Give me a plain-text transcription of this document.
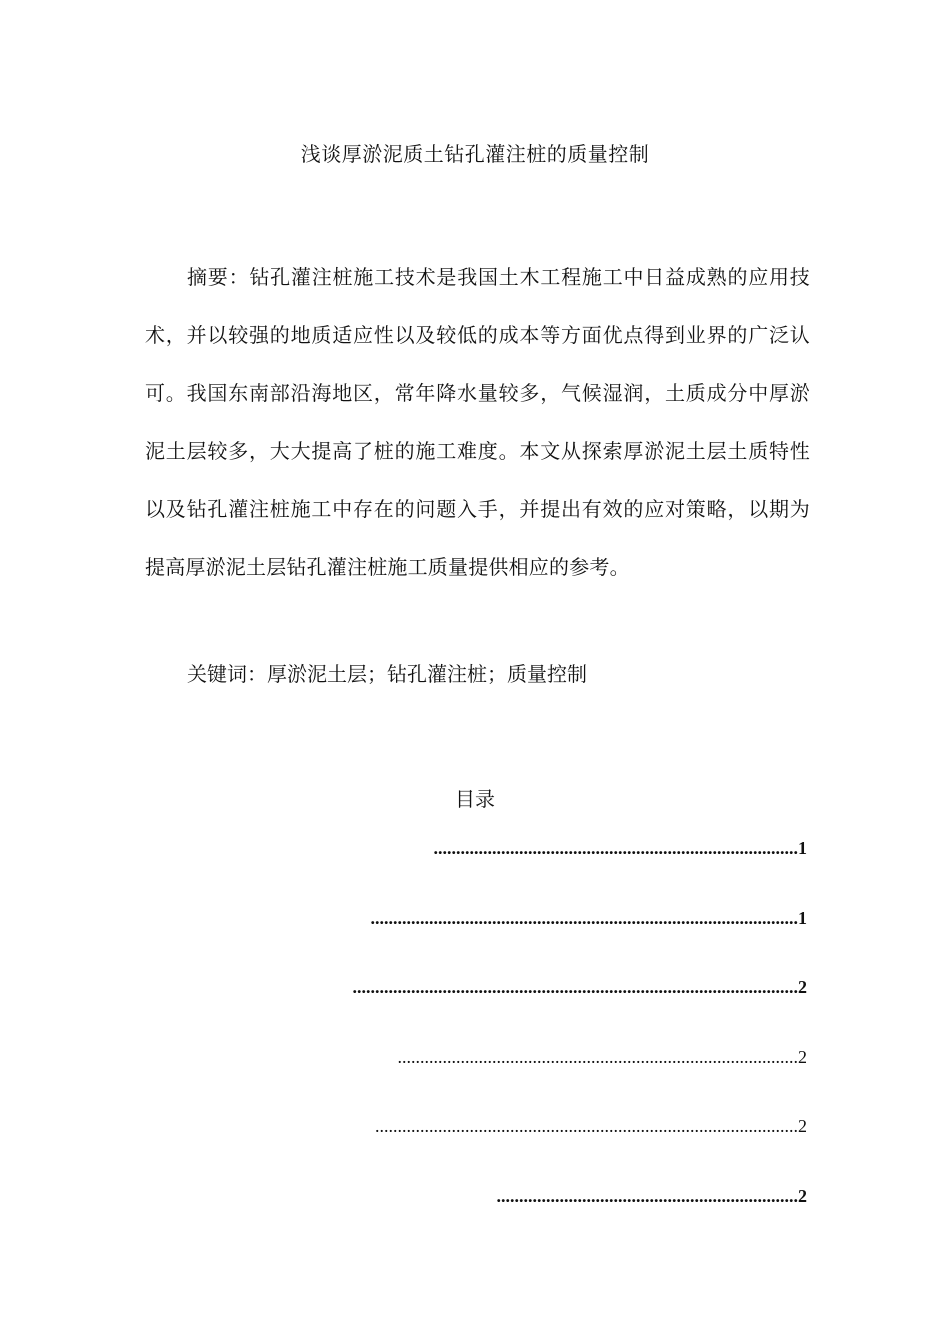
浅谈厚淤泥质土钻孔灌注桩的质量控制

摘要：钻孔灌注桩施工技术是我国土木工程施工中日益成熟的应用技术，并以较强的地质适应性以及较低的成本等方面优点得到业界的广泛认可。我国东南部沿海地区，常年降水量较多，气候湿润，土质成分中厚淤泥土层较多，大大提高了桩的施工难度。本文从探索厚淤泥土层土质特性以及钻孔灌注桩施工中存在的问题入手，并提出有效的应对策略，以期为提高厚淤泥土层钻孔灌注桩施工质量提供相应的参考。

关键词：厚淤泥土层；钻孔灌注桩；质量控制

目录

.................................................................................1
...............................................................................................1
...................................................................................................2
.........................................................................................2
..............................................................................................2
...................................................................2
